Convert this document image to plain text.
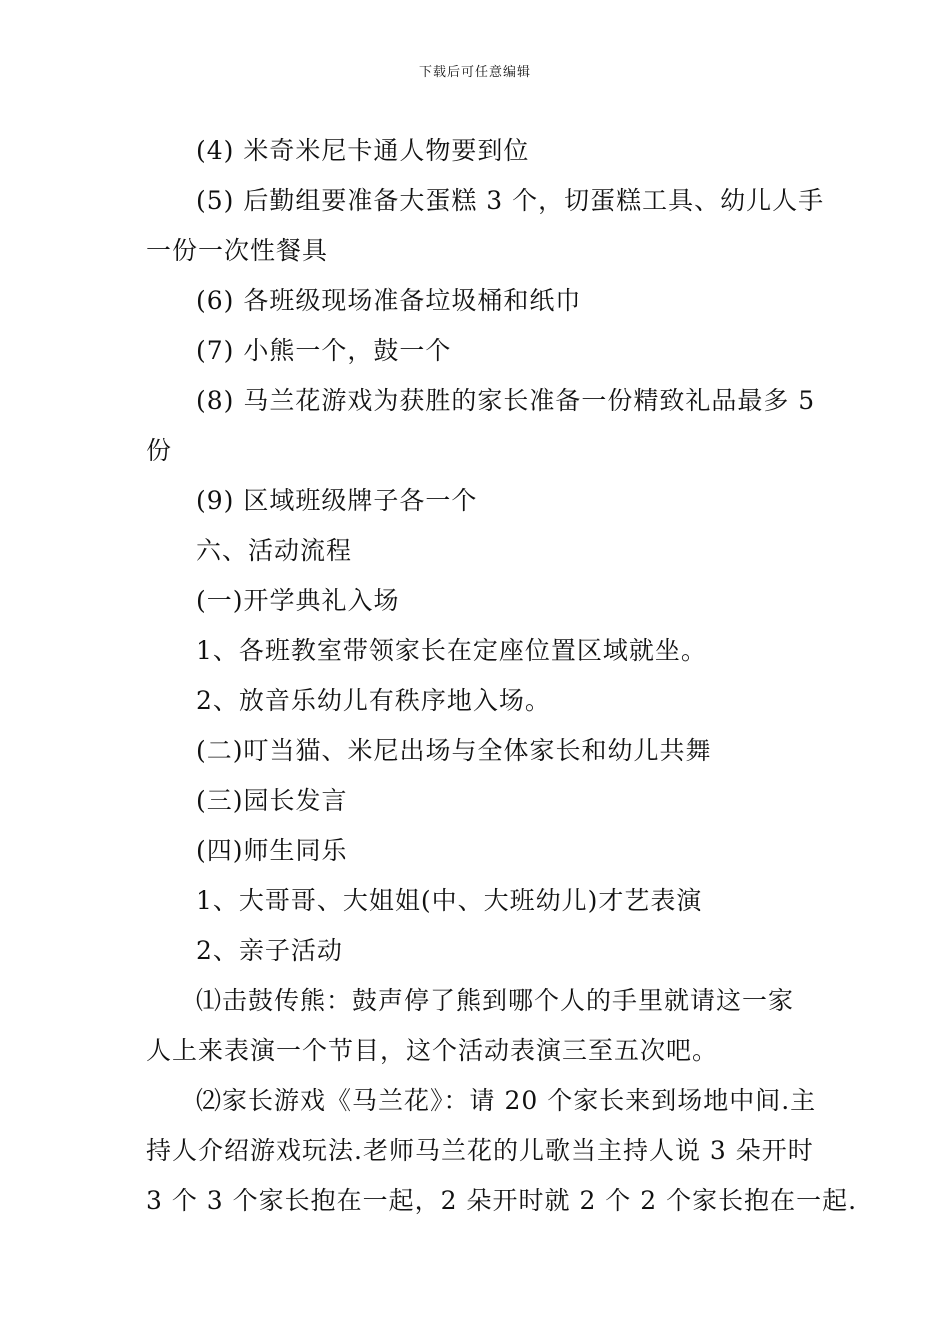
下载后可任意编辑
(4) 米奇米尼卡通人物要到位
(5) 后勤组要准备大蛋糕 3 个，切蛋糕工具、幼儿人手
一份一次性餐具
(6) 各班级现场准备垃圾桶和纸巾
(7) 小熊一个，鼓一个
(8) 马兰花游戏为获胜的家长准备一份精致礼品最多 5
份
(9) 区域班级牌子各一个
六、活动流程
(一)开学典礼入场
1、各班教室带领家长在定座位置区域就坐。
2、放音乐幼儿有秩序地入场。
(二)叮当猫、米尼出场与全体家长和幼儿共舞
(三)园长发言
(四)师生同乐
1、大哥哥、大姐姐(中、大班幼儿)才艺表演
2、亲子活动
⑴击鼓传熊：鼓声停了熊到哪个人的手里就请这一家
人上来表演一个节目，这个活动表演三至五次吧。
⑵家长游戏《马兰花》：请 20 个家长来到场地中间.主
持人介绍游戏玩法.老师马兰花的儿歌当主持人说 3 朵开时
3 个 3 个家长抱在一起，2 朵开时就 2 个 2 个家长抱在一起.
